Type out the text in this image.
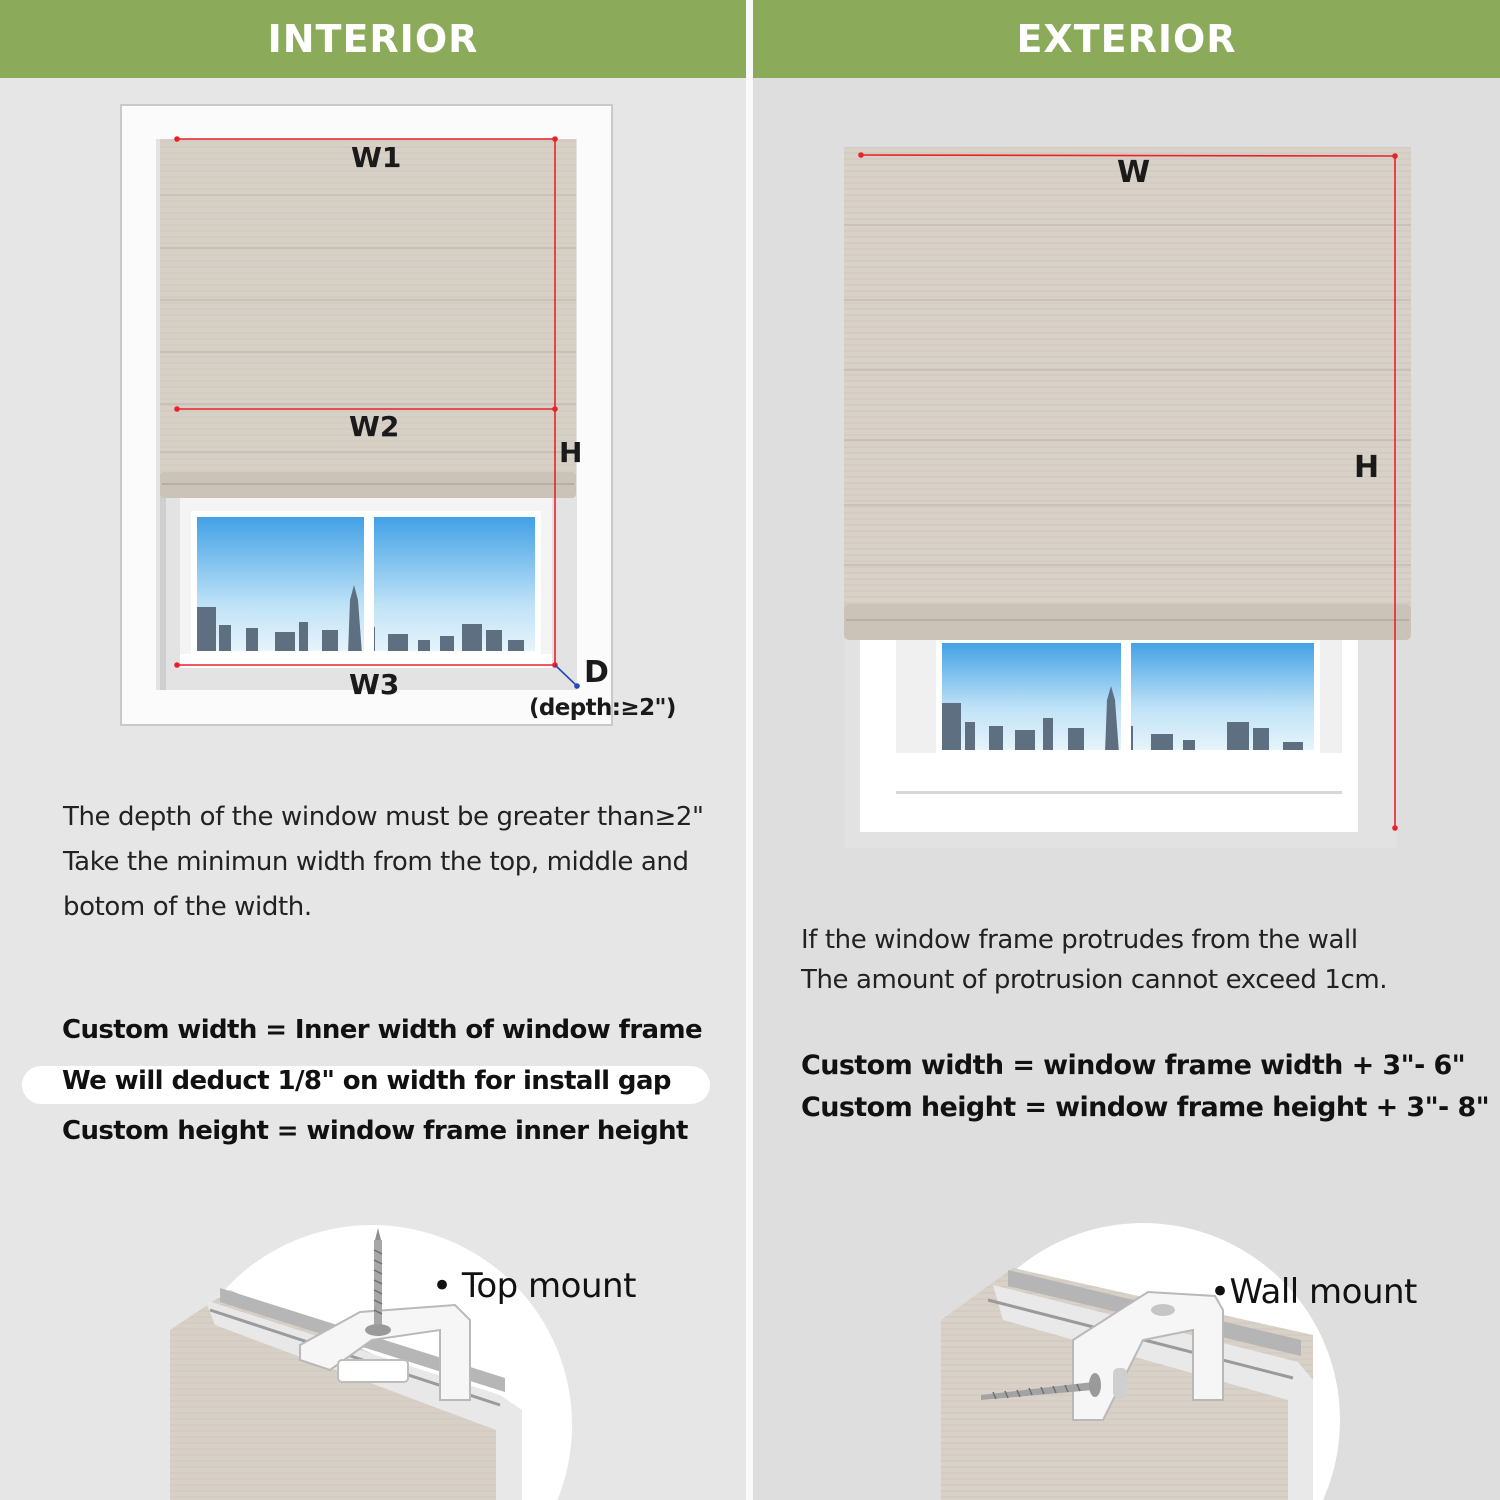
INTERIOR
W1
W2
W3
H
D
(depth:≥2")
The depth of the window must be greater than≥2"
Take the minimun width from the top, middle and
botom of the width.
Custom width = Inner width of window frame
We will deduct 1/8" on width for install gap
Custom height = window frame inner height
• Top mount
EXTERIOR
W
H
If the window frame protrudes from the wall
The amount of protrusion cannot exceed 1cm.
Custom width = window frame width + 3"- 6"
Custom height = window frame height + 3"- 8"
•Wall mount
